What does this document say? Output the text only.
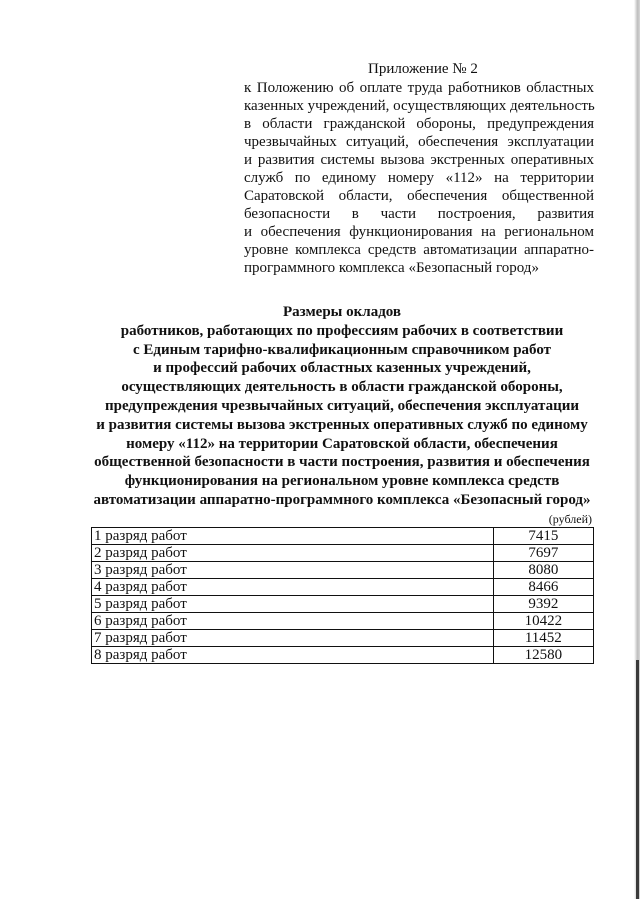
Приложение № 2
к Положению об оплате труда работников областных
казенных учреждений, осуществляющих деятельность
в области гражданской обороны, предупреждения
чрезвычайных ситуаций, обеспечения эксплуатации
и развития системы вызова экстренных оперативных
служб по единому номеру «112» на территории
Саратовской области, обеспечения общественной
безопасности в части построения, развития
и обеспечения функционирования на региональном
уровне комплекса средств автоматизации аппаратно-
программного комплекса «Безопасный город»
Размеры окладов
работников, работающих по профессиям рабочих в соответствии
с Единым тарифно-квалификационным справочником работ
и профессий рабочих областных казенных учреждений,
осуществляющих деятельность в области гражданской обороны,
предупреждения чрезвычайных ситуаций, обеспечения эксплуатации
и развития системы вызова экстренных оперативных служб по единому
номеру «112» на территории Саратовской области, обеспечения
общественной безопасности в части построения, развития и обеспечения
функционирования на региональном уровне комплекса средств
автоматизации аппаратно-программного комплекса «Безопасный город»
(рублей)
1 разряд работ	7415
2 разряд работ	7697
3 разряд работ	8080
4 разряд работ	8466
5 разряд работ	9392
6 разряд работ	10422
7 разряд работ	11452
8 разряд работ	12580
